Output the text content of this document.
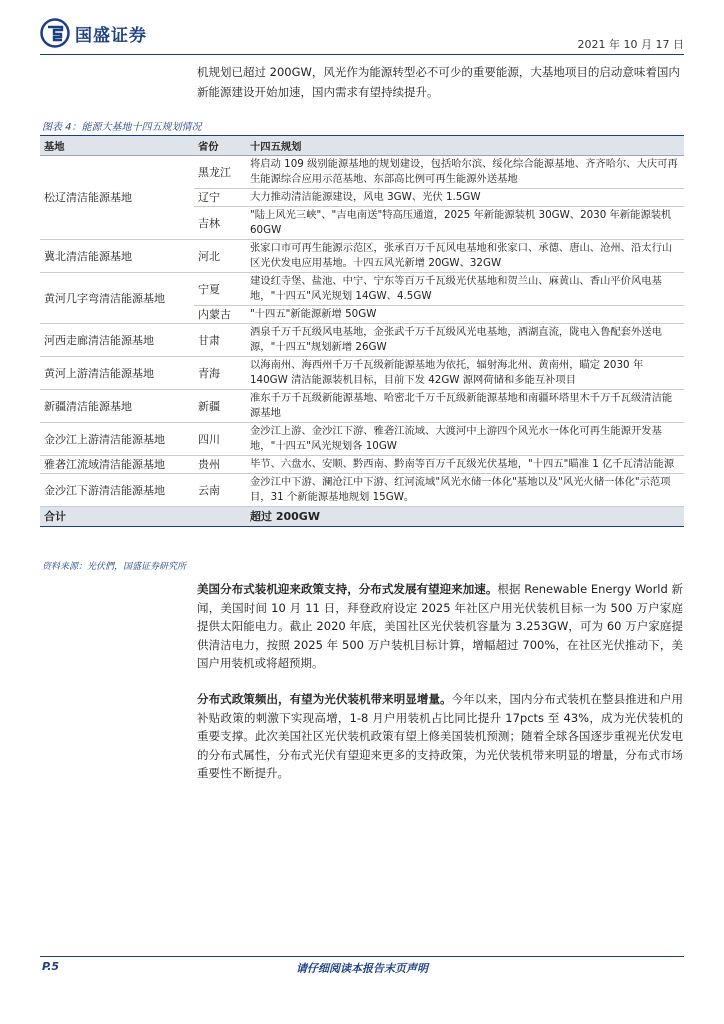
国盛证券	2021 年 10 月 17 日
机规划已超过 200GW，风光作为能源转型必不可少的重要能源，大基地项目的启动意味着国内新能源建设开始加速，国内需求有望持续提升。
图表 4：能源大基地十四五规划情况
基地	省份	十四五规划
松辽清洁能源基地	黑龙江	将启动 109 级别能源基地的规划建设，包括哈尔滨、绥化综合能源基地、齐齐哈尔、大庆可再生能源综合应用示范基地、东部高比例可再生能源外送基地
	辽宁	大力推动清洁能源建设，风电 3GW、光伏 1.5GW
	吉林	"陆上风光三峡"、"吉电南送"特高压通道，2025 年新能源装机 30GW、2030 年新能源装机 60GW
冀北清洁能源基地	河北	张家口市可再生能源示范区，张承百万千瓦风电基地和张家口、承德、唐山、沧州、沿太行山区光伏发电应用基地。十四五风光新增 20GW、32GW
黄河几字弯清洁能源基地	宁夏	建设红寺堡、盐池、中宁、宁东等百万千瓦级光伏基地和贺兰山、麻黄山、香山平价风电基地，"十四五"风光规划 14GW、4.5GW
	内蒙古	"十四五"新能源新增 50GW
河西走廊清洁能源基地	甘肃	酒泉千万千瓦级风电基地，金张武千万千瓦级风光电基地，酒湖直流，陇电入鲁配套外送电源，"十四五"规划新增 26GW
黄河上游清洁能源基地	青海	以海南州、海西州千万千瓦级新能源基地为依托，辐射海北州、黄南州，瞄定 2030 年 140GW 清洁能源装机目标，目前下发 42GW 源网荷储和多能互补项目
新疆清洁能源基地	新疆	准东千万千瓦级新能源基地、哈密北千万千瓦级新能源基地和南疆环塔里木千万千瓦级清洁能源基地
金沙江上游清洁能源基地	四川	金沙江上游、金沙江下游、雅砻江流域、大渡河中上游四个风光水一体化可再生能源开发基地，"十四五"风光规划各 10GW
雅砻江流域清洁能源基地	贵州	毕节、六盘水、安顺、黔西南、黔南等百万千瓦级光伏基地，"十四五"瞄准 1 亿千瓦清洁能源
金沙江下游清洁能源基地	云南	金沙江中下游、澜沧江中下游、红河流域"风光水储一体化"基地以及"风光火储一体化"示范项目，31 个新能源基地规划 15GW。
合计		超过 200GW
资料来源：光伏們，国盛证券研究所
美国分布式装机迎来政策支持，分布式发展有望迎来加速。根据 Renewable Energy World 新闻，美国时间 10 月 11 日，拜登政府设定 2025 年社区户用光伏装机目标一为 500 万户家庭提供太阳能电力。截止 2020 年底，美国社区光伏装机容量为 3.253GW，可为 60 万户家庭提供清洁电力，按照 2025 年 500 万户装机目标计算，增幅超过 700%，在社区光伏推动下，美国户用装机或将超预期。
分布式政策频出，有望为光伏装机带来明显增量。今年以来，国内分布式装机在整县推进和户用补贴政策的刺激下实现高增，1-8 月户用装机占比同比提升 17pcts 至 43%，成为光伏装机的重要支撑。此次美国社区光伏装机政策有望上修美国装机预测；随着全球各国逐步重视光伏发电的分布式属性，分布式光伏有望迎来更多的支持政策，为光伏装机带来明显的增量，分布式市场重要性不断提升。
P.5	请仔细阅读本报告末页声明
